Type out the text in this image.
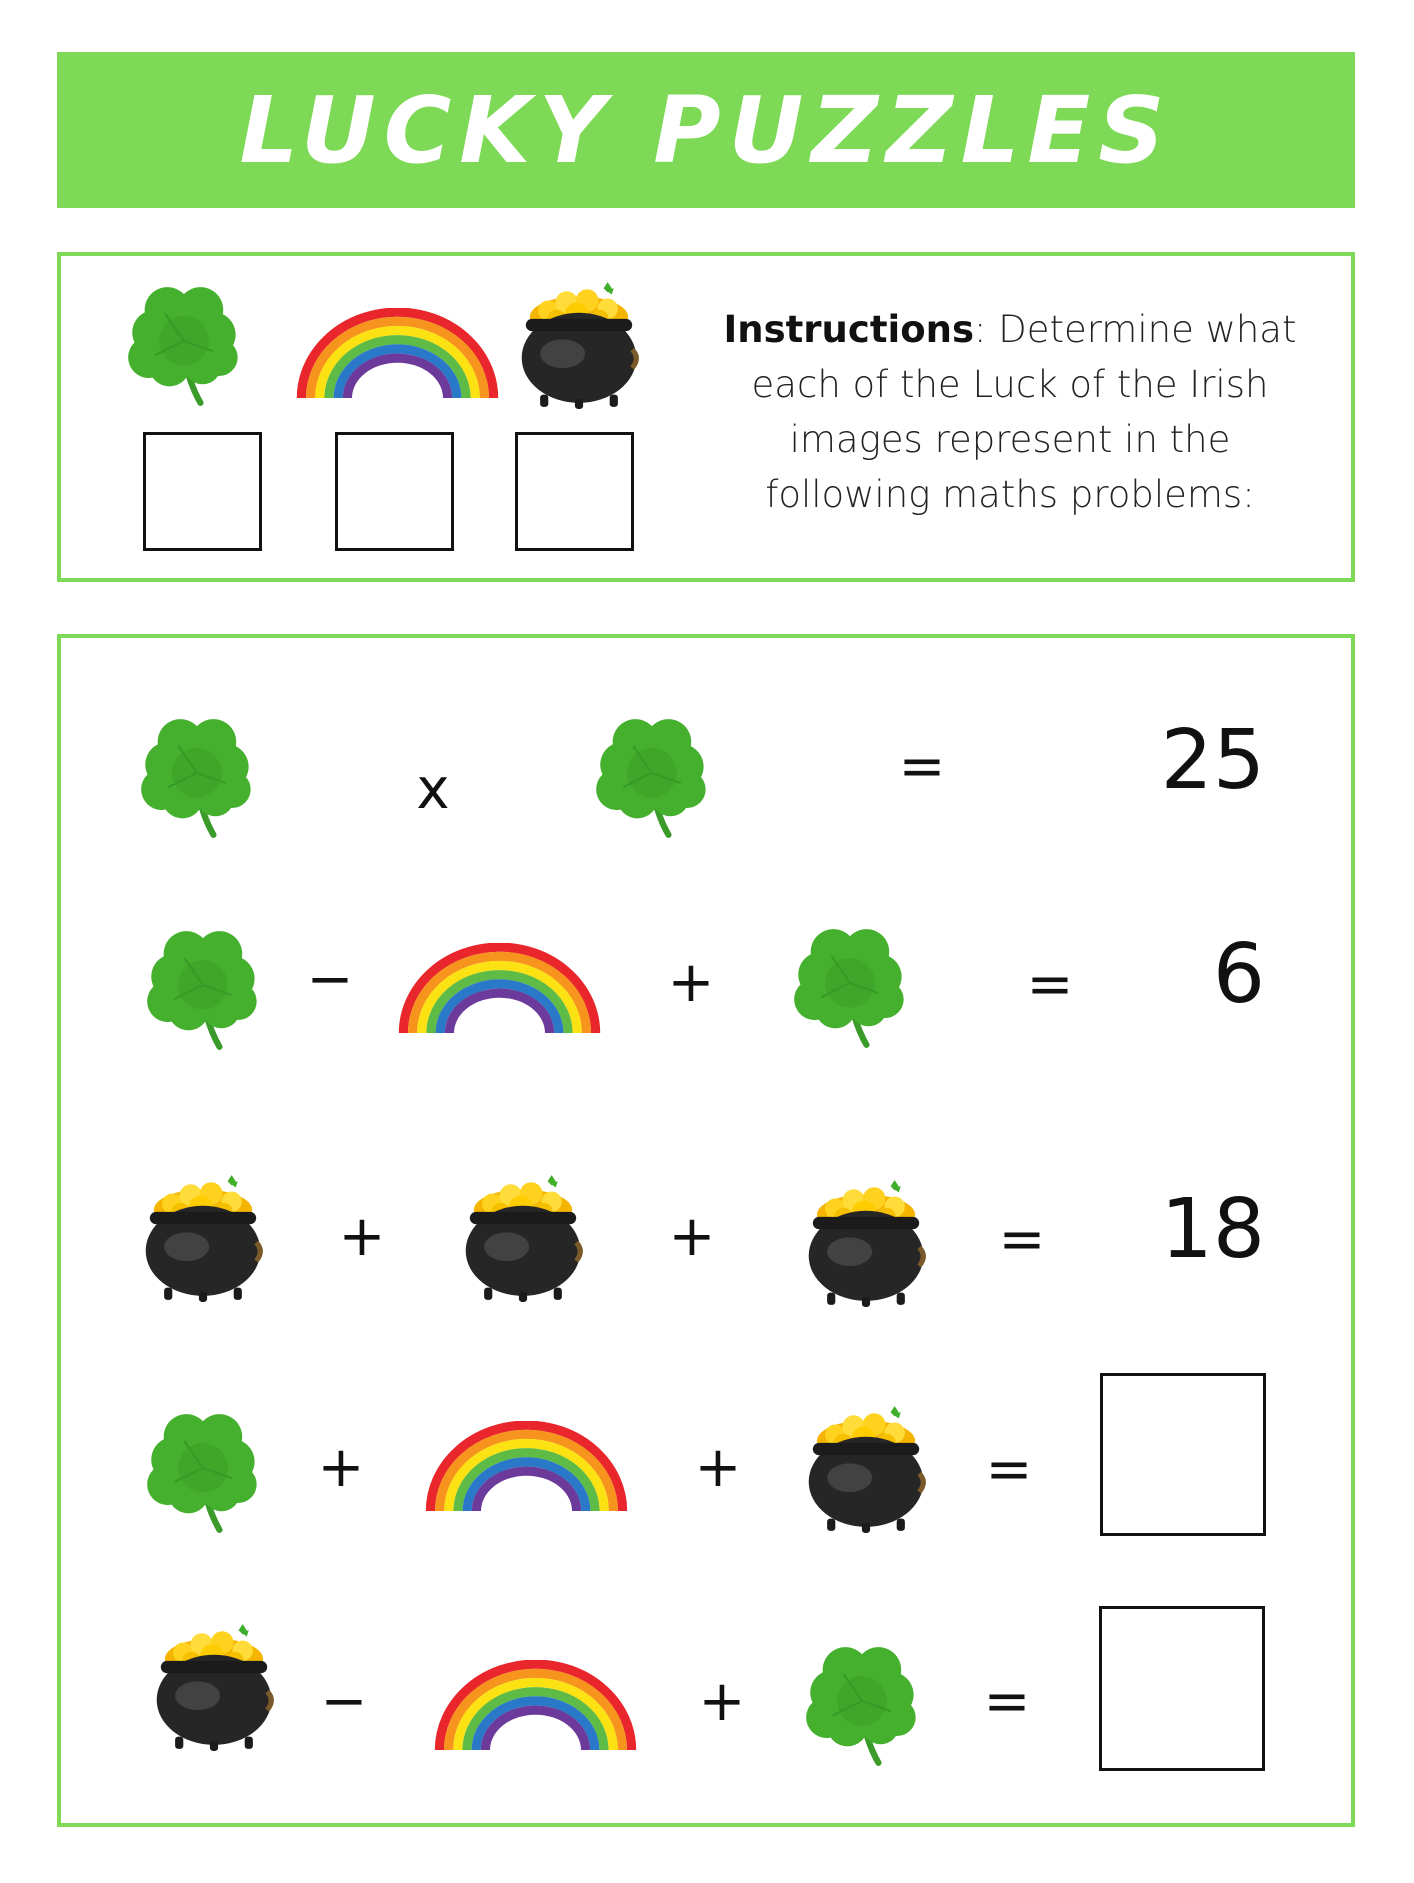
LUCKY PUZZLES
Instructions: Determine what each of the Luck of the Irish images represent in the following maths problems:
x	=	25
−	+	=	6
+	+	=	18
+	+	=
−	+	=
